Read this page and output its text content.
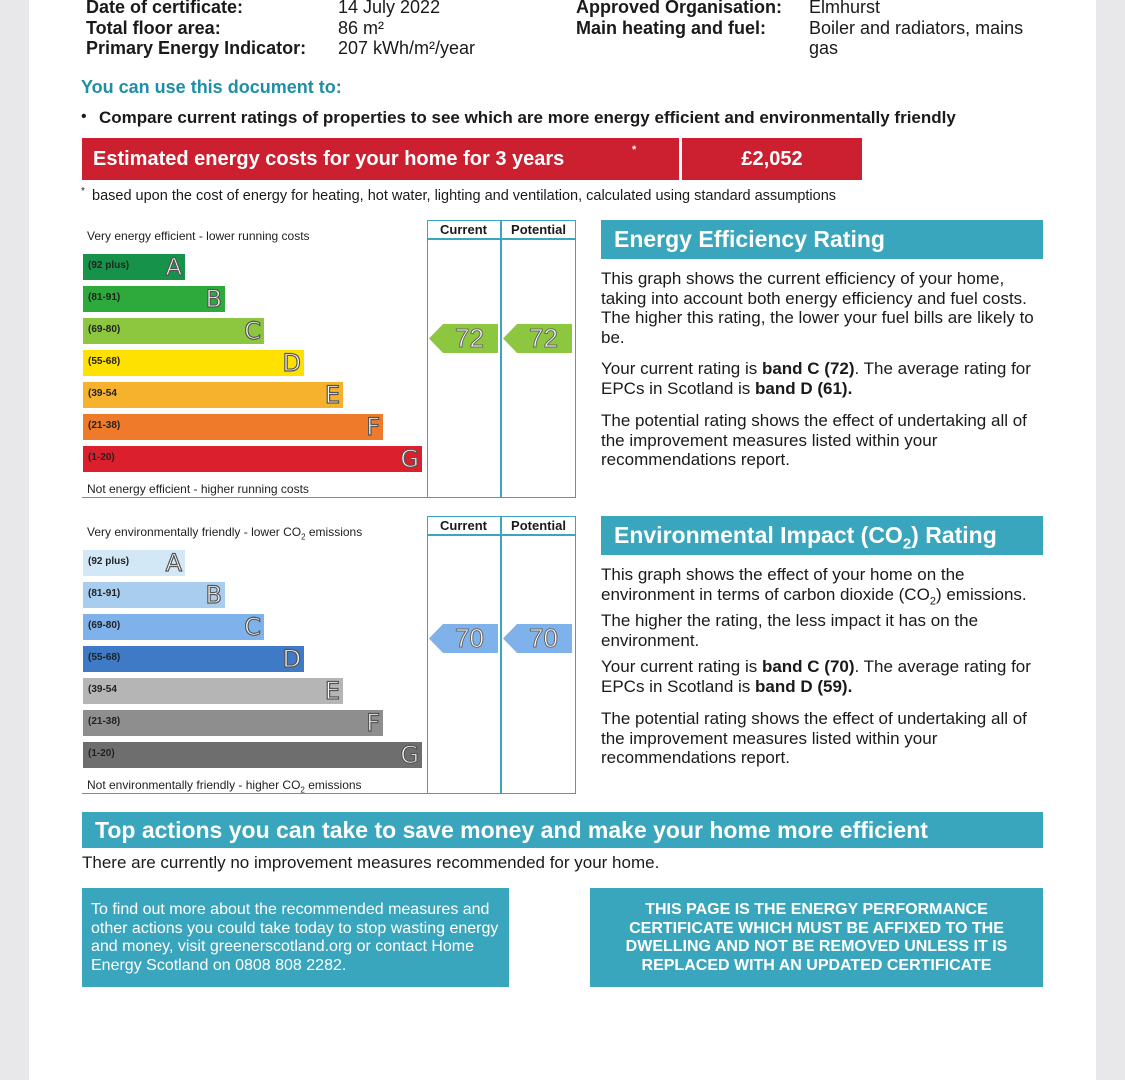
Date of certificate:	14 July 2022
Total floor area:	86 m²
Primary Energy Indicator: 207 kWh/m²/year
Approved Organisation: Elmhurst
Main heating and fuel: Boiler and radiators, mains
gas
You can use this document to:
• Compare current ratings of properties to see which are more energy efficient and environmentally friendly
Estimated energy costs for your home for 3 years	*	£2,052
* based upon the cost of energy for heating, hot water, lighting and ventilation, calculated using standard assumptions
Current	Potential
Very energy efficient - lower running costs
Not energy efficient - higher running costs
(92 plus) A
(81-91)	B
(69-80)	C
(55-68)	D
(39-54	E
(21-38)	F
(1-20)	G
72	72
Energy Efficiency Rating
This graph shows the current efficiency of your home, taking into account both energy efficiency and fuel costs. The higher this rating, the lower your fuel bills are likely to be.
Your current rating is band C (72). The average rating for EPCs in Scotland is band D (61).
The potential rating shows the effect of undertaking all of the improvement measures listed within your recommendations report.
Current	Potential
Very environmentally friendly - lower $CO_2$ emissions
Not environmentally friendly - higher $CO_2$ emissions
(92 plus) A
(81-91)	B
(69-80)	C
(55-68)	D
(39-54	E
(21-38)	F
(1-20)	G
70	70
Environmental Impact $(CO_2)$ Rating
This graph shows the effect of your home on the environment in terms of carbon dioxide $(CO_2)$ emissions. The higher the rating, the less impact it has on the environment.
Your current rating is band C (70). The average rating for EPCs in Scotland is band D (59).
The potential rating shows the effect of undertaking all of the improvement measures listed within your recommendations report.
Top actions you can take to save money and make your home more efficient
There are currently no improvement measures recommended for your home.
To find out more about the recommended measures and other actions you could take today to stop wasting energy and money, visit greenerscotland.org or contact Home Energy Scotland on 0808 808 2282.
THIS PAGE IS THE ENERGY PERFORMANCE CERTIFICATE WHICH MUST BE AFFIXED TO THE DWELLING AND NOT BE REMOVED UNLESS IT IS REPLACED WITH AN UPDATED CERTIFICATE
